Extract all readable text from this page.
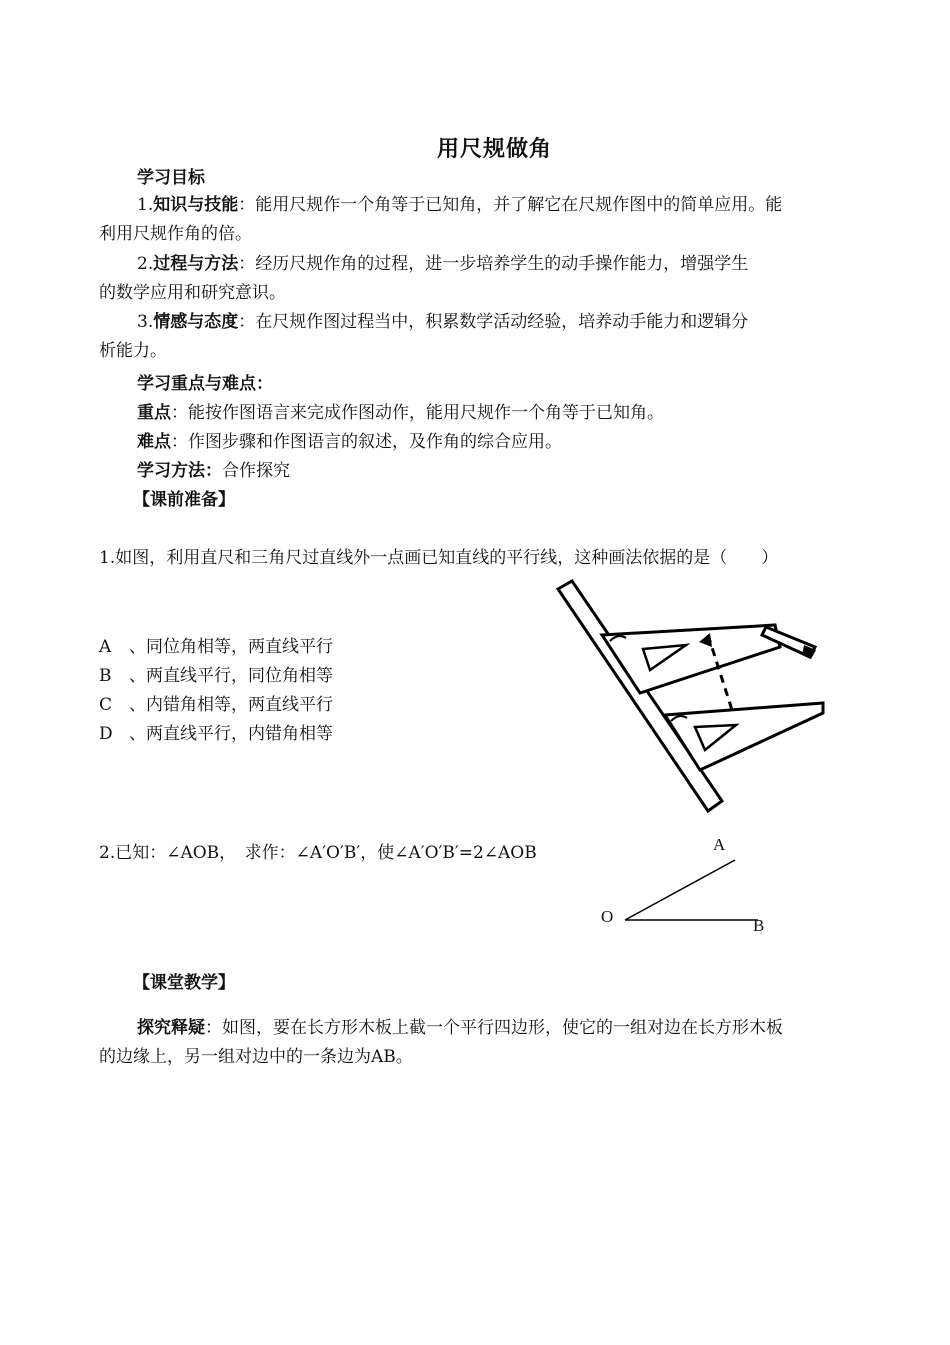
用尺规做角
学习目标
1.知识与技能：能用尺规作一个角等于已知角，并了解它在尺规作图中的简单应用。能
利用尺规作角的倍。
2.过程与方法：经历尺规作角的过程，进一步培养学生的动手操作能力，增强学生
的数学应用和研究意识。
3.情感与态度：在尺规作图过程当中，积累数学活动经验，培养动手能力和逻辑分
析能力。
学习重点与难点：
重点：能按作图语言来完成作图动作，能用尺规作一个角等于已知角。
难点：作图步骤和作图语言的叙述，及作角的综合应用。
学习方法：合作探究
【课前准备】
1.如图，利用直尺和三角尺过直线外一点画已知直线的平行线，这种画法依据的是（　　）
A 、同位角相等，两直线平行
B 、两直线平行，同位角相等
C 、内错角相等，两直线平行
D 、两直线平行，内错角相等
2.已知：∠AOB，　求作：∠A′O′B′，使∠A′O′B′=2∠AOB	A
O	B
【课堂教学】
探究释疑：如图，要在长方形木板上截一个平行四边形，使它的一组对边在长方形木板
的边缘上，另一组对边中的一条边为AB。
